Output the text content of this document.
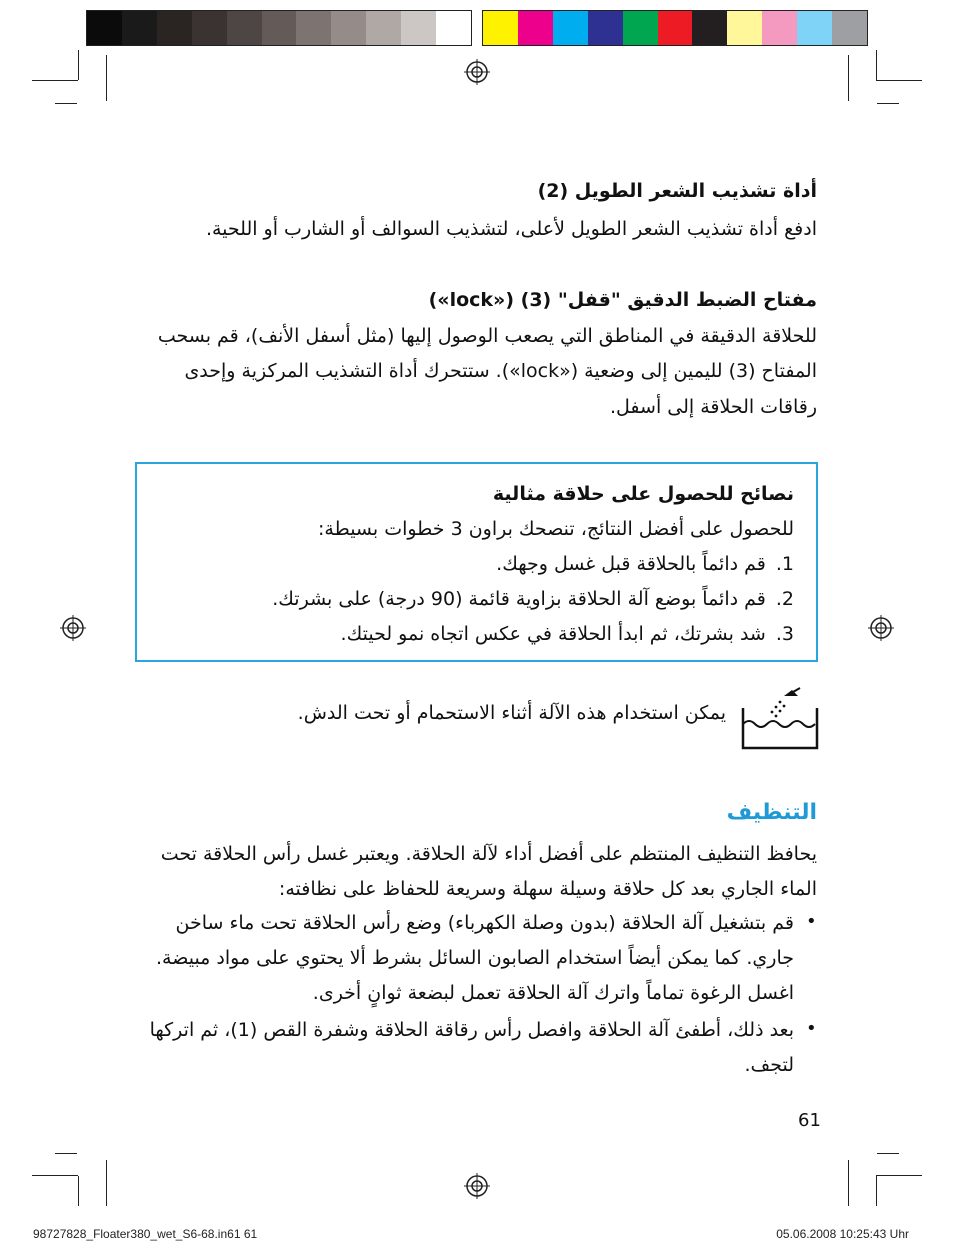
أداة تشذيب الشعر الطويل (2)
ادفع أداة تشذيب الشعر الطويل لأعلى، لتشذيب السوالف أو الشارب أو اللحية.
مفتاح الضبط الدقيق "قفل" (3) («lock»)
للحلاقة الدقيقة في المناطق التي يصعب الوصول إليها (مثل أسفل الأنف)، قم بسحب
المفتاح (3) لليمين إلى وضعية («lock»). ستتحرك أداة التشذيب المركزية وإحدى
رقاقات الحلاقة إلى أسفل.
نصائح للحصول على حلاقة مثالية
للحصول على أفضل النتائج، تنصحك براون 3 خطوات بسيطة:
1.قم دائماً بالحلاقة قبل غسل وجهك.
2.قم دائماً بوضع آلة الحلاقة بزاوية قائمة (90 درجة) على بشرتك.
3.شد بشرتك، ثم ابدأ الحلاقة في عكس اتجاه نمو لحيتك.
يمكن استخدام هذه الآلة أثناء الاستحمام أو تحت الدش.
التنظيف
يحافظ التنظيف المنتظم على أفضل أداء لآلة الحلاقة. ويعتبر غسل رأس الحلاقة تحت
الماء الجاري بعد كل حلاقة وسيلة سهلة وسريعة للحفاظ على نظافته:
•
قم بتشغيل آلة الحلاقة (بدون وصلة الكهرباء) وضع رأس الحلاقة تحت ماء ساخن
جاري. كما يمكن أيضاً استخدام الصابون السائل بشرط ألا يحتوي على مواد مبيضة.
اغسل الرغوة تماماً واترك آلة الحلاقة تعمل لبضعة ثوانٍ أخرى.
•
بعد ذلك، أطفئ آلة الحلاقة وافصل رأس رقاقة الحلاقة وشفرة القص (1)، ثم اتركها
لتجف.
61
98727828_Floater380_wet_S6-68.in61 61	05.06.2008 10:25:43 Uhr
